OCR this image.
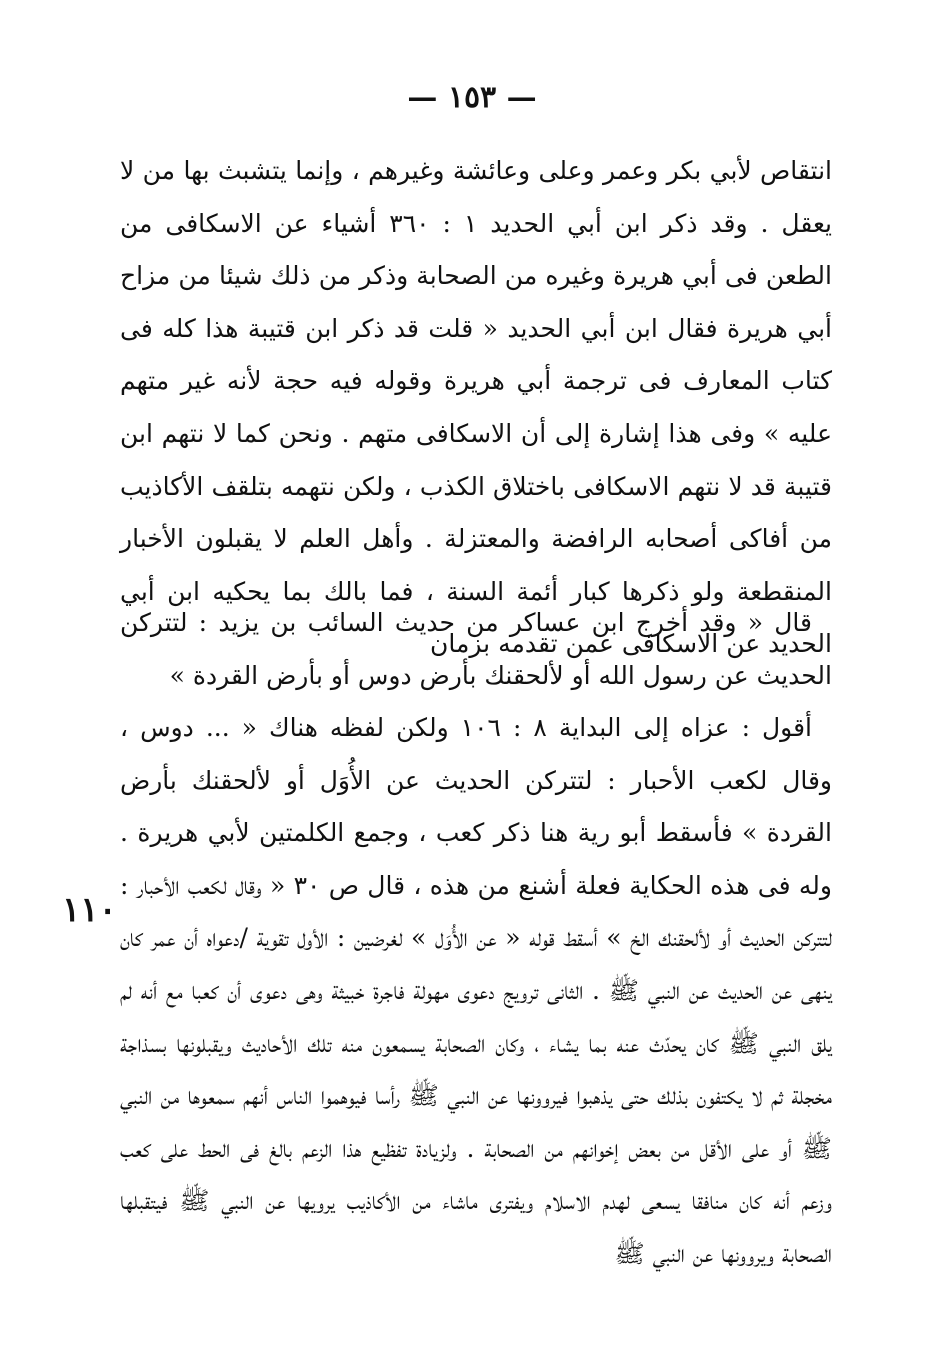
— ١٥٣ —
انتقاص لأبي بكر وعمر وعلى وعائشة وغيرهم ، وإنما يتشبث بها من لا يعقل . وقد ذكر ابن أبي الحديد ١ : ٣٦٠ أشياء عن الاسكافى من الطعن فى أبي هريرة وغيره من الصحابة وذكر من ذلك شيئا من مزاح أبي هريرة فقال ابن أبي الحديد « قلت قد ذكر ابن قتيبة هذا كله فى كتاب المعارف فى ترجمة أبي هريرة وقوله فيه حجة لأنه غير متهم عليه » وفى هذا إشارة إلى أن الاسكافى متهم . ونحن كما لا نتهم ابن قتيبة قد لا نتهم الاسكافى باختلاق الكذب ، ولكن نتهمه بتلقف الأكاذيب من أفاكى أصحابه الرافضة والمعتزلة . وأهل العلم لا يقبلون الأخبار المنقطعة ولو ذكرها كبار أئمة السنة ، فما بالك بما يحكيه ابن أبي الحديد عن الاسكافى عمن تقدمه بزمان
قال « وقد أخرج ابن عساكر من حديث السائب بن يزيد : لتتركن الحديث عن رسول الله أو لألحقنك بأرض دوس أو بأرض القردة »
أقول : عزاه إلى البداية ٨ : ١٠٦ ولكن لفظه هناك « ... دوس ، وقال لكعب الأحبار : لتتركن الحديث عن الأُوَل أو لألحقنك بأرض القردة » فأسقط أبو رية هنا ذكر كعب ، وجمع الكلمتين لأبي هريرة . وله فى هذه الحكاية فعلة أشنع من هذه ، قال ص ٣٠ « وقال لكعب الأحبار : لتتركن الحديث أو لألحقنك الخ » أسقط قوله « عن الأُوَل » لغرضين : الأول تقوية /دعواه أن عمر كان ينهى عن الحديث عن النبي ﷺ . الثانى ترويج دعوى مهولة فاجرة خبيثة وهى دعوى أن كعبا مع أنه لم يلق النبي ﷺ كان يحدّث عنه بما يشاء ، وكان الصحابة يسمعون منه تلك الأحاديث ويقبلونها بسذاجة مخجلة ثم لا يكتفون بذلك حتى يذهبوا فيروونها عن النبي ﷺ رأسا فيوهموا الناس أنهم سمعوها من النبي ﷺ أو على الأقل من بعض إخوانهم من الصحابة . ولزيادة تفظيع هذا الزعم بالغ فى الحط على كعب وزعم أنه كان منافقا يسعى لهدم الاسلام ويفترى ماشاء من الأكاذيب يرويها عن النبي ﷺ فيتقبلها الصحابة ويروونها عن النبي ﷺ
١١٠
